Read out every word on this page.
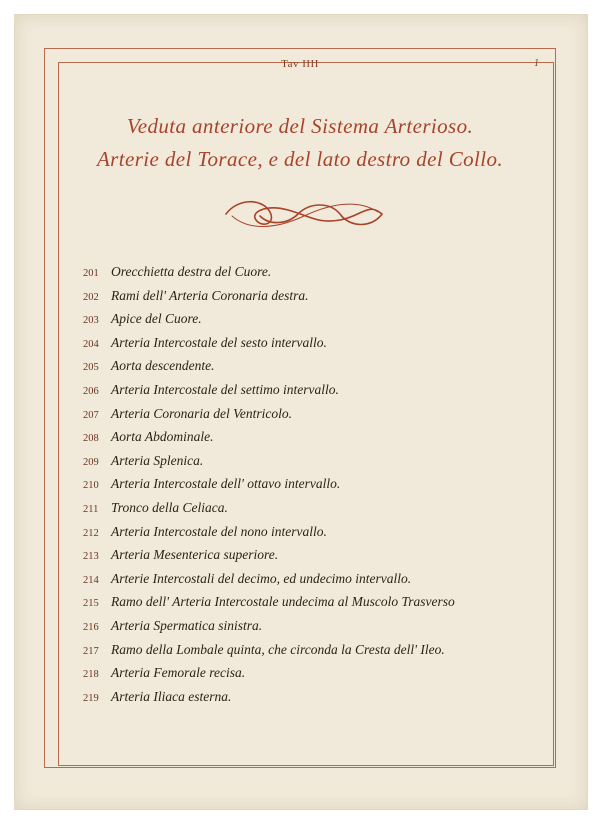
Tav IIII	1
Veduta anteriore del Sistema Arterioso.
Arterie del Torace, e del lato destro del Collo.
201 Orecchietta destra del Cuore.
202 Rami dell' Arteria Coronaria destra.
203 Apice del Cuore.
204 Arteria Intercostale del sesto intervallo.
205 Aorta descendente.
206 Arteria Intercostale del settimo intervallo.
207 Arteria Coronaria del Ventricolo.
208 Aorta Abdominale.
209 Arteria Splenica.
210 Arteria Intercostale dell' ottavo intervallo.
211 Tronco della Celiaca.
212 Arteria Intercostale del nono intervallo.
213 Arteria Mesenterica superiore.
214 Arterie Intercostali del decimo, ed undecimo intervallo.
215 Ramo dell' Arteria Intercostale undecima al Muscolo Trasverso
216 Arteria Spermatica sinistra.
217 Ramo della Lombale quinta, che circonda la Cresta dell' Ileo.
218 Arteria Femorale recisa.
219 Arteria Iliaca esterna.
